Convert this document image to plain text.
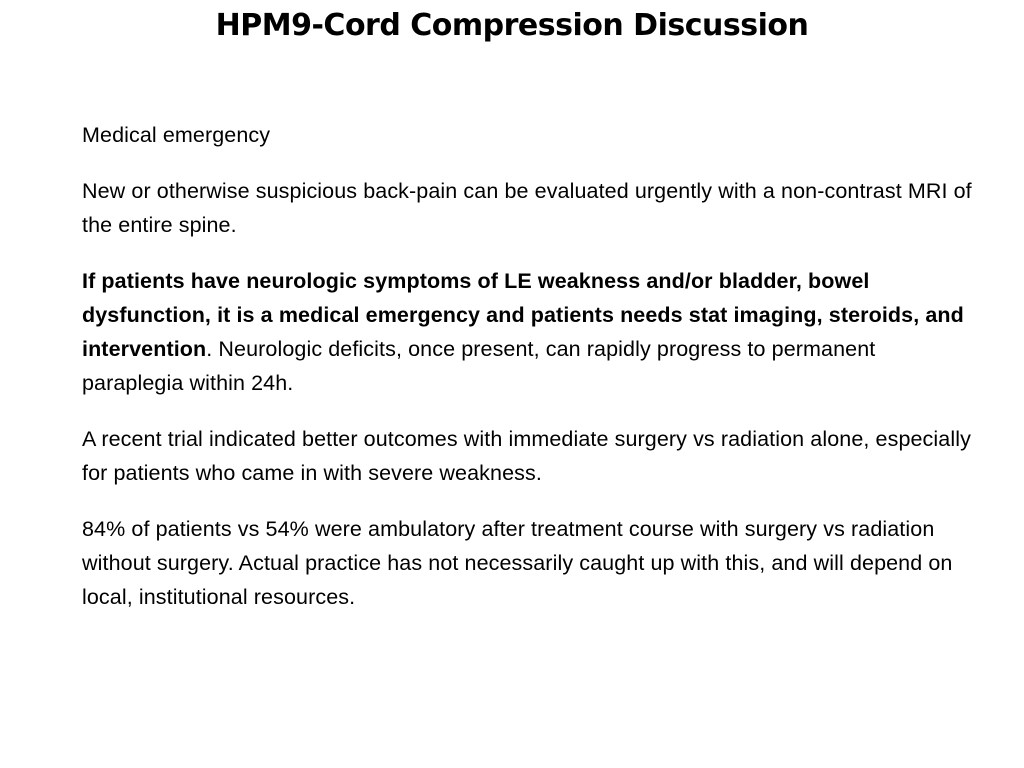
HPM9-Cord Compression Discussion

Medical emergency

New or otherwise suspicious back-pain can be evaluated urgently with a non-contrast MRI of the entire spine.

If patients have neurologic symptoms of LE weakness and/or bladder, bowel dysfunction, it is a medical emergency and patients needs stat imaging, steroids, and intervention. Neurologic deficits, once present, can rapidly progress to permanent paraplegia within 24h.

A recent trial indicated better outcomes with immediate surgery vs radiation alone, especially for patients who came in with severe weakness.

84% of patients vs 54% were ambulatory after treatment course with surgery vs radiation without surgery. Actual practice has not necessarily caught up with this, and will depend on local, institutional resources.
